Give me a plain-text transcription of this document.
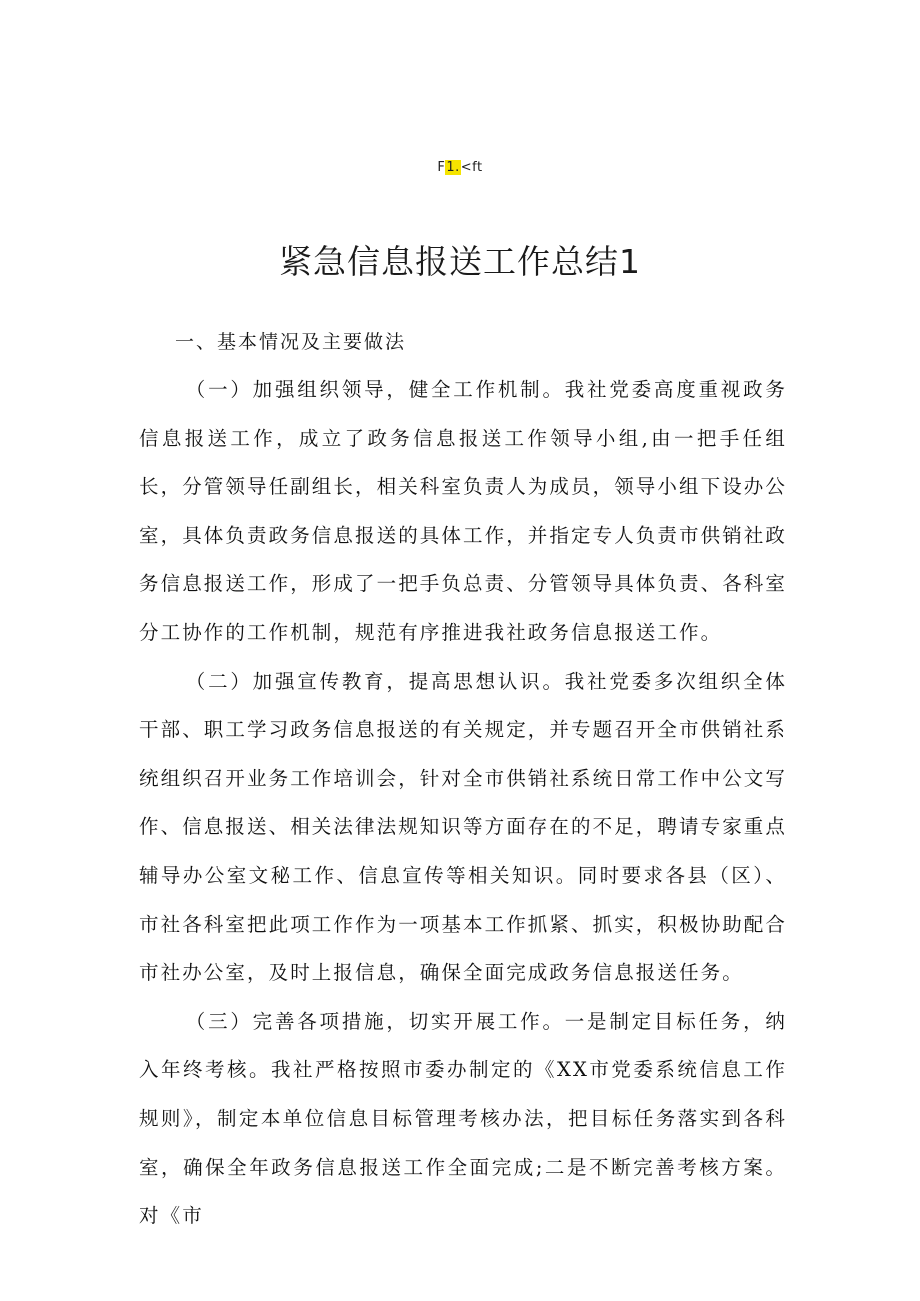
F1.<ft
紧急信息报送工作总结1

一、基本情况及主要做法

（一）加强组织领导，健全工作机制。我社党委高度重视政务信息报送工作，成立了政务信息报送工作领导小组,由一把手任组长，分管领导任副组长，相关科室负责人为成员，领导小组下设办公室，具体负责政务信息报送的具体工作，并指定专人负责市供销社政务信息报送工作，形成了一把手负总责、分管领导具体负责、各科室分工协作的工作机制，规范有序推进我社政务信息报送工作。

（二）加强宣传教育，提高思想认识。我社党委多次组织全体干部、职工学习政务信息报送的有关规定，并专题召开全市供销社系统组织召开业务工作培训会，针对全市供销社系统日常工作中公文写作、信息报送、相关法律法规知识等方面存在的不足，聘请专家重点辅导办公室文秘工作、信息宣传等相关知识。同时要求各县（区）、市社各科室把此项工作作为一项基本工作抓紧、抓实，积极协助配合市社办公室，及时上报信息，确保全面完成政务信息报送任务。

（三）完善各项措施，切实开展工作。一是制定目标任务，纳入年终考核。我社严格按照市委办制定的《XX市党委系统信息工作规则》，制定本单位信息目标管理考核办法，把目标任务落实到各科室，确保全年政务信息报送工作全面完成;二是不断完善考核方案。对《市
